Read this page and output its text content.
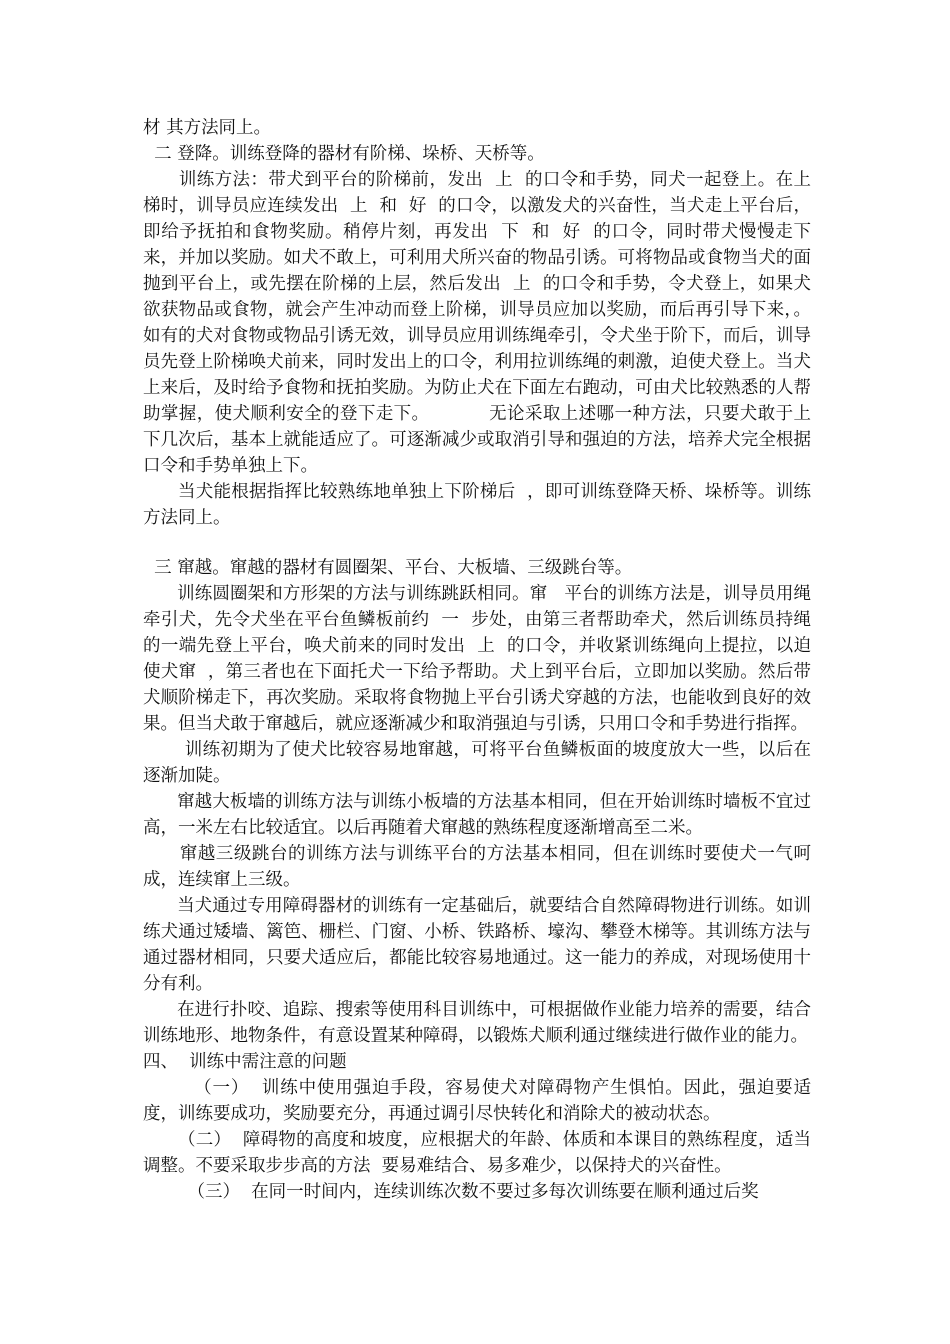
材 其方法同上。

二 登降。训练登降的器材有阶梯、垛桥、天桥等。

训练方法：带犬到平台的阶梯前，发出  上  的口令和手势，同犬一起登上。在上梯时，训导员应连续发出  上  和  好  的口令，以激发犬的兴奋性，当犬走上平台后，即给予抚拍和食物奖励。稍停片刻，再发出  下  和  好  的口令，同时带犬慢慢走下来，并加以奖励。如犬不敢上，可利用犬所兴奋的物品引诱。可将物品或食物当犬的面抛到平台上，或先摆在阶梯的上层，然后发出  上  的口令和手势，令犬登上，如果犬欲获物品或食物，就会产生冲动而登上阶梯，训导员应加以奖励，而后再引导下来，。如有的犬对食物或物品引诱无效，训导员应用训练绳牵引，令犬坐于阶下，而后，训导员先登上阶梯唤犬前来，同时发出上的口令，利用拉训练绳的刺激，迫使犬登上。当犬上来后，及时给予食物和抚拍奖励。为防止犬在下面左右跑动，可由犬比较熟悉的人帮助掌握，使犬顺利安全的登下走下。          无论采取上述哪一种方法，只要犬敢于上下几次后，基本上就能适应了。可逐渐减少或取消引导和强迫的方法，培养犬完全根据口令和手势单独上下。

当犬能根据指挥比较熟练地单独上下阶梯后  ，即可训练登降天桥、垛桥等。训练方法同上。

三 窜越。窜越的器材有圆圈架、平台、大板墙、三级跳台等。

训练圆圈架和方形架的方法与训练跳跃相同。窜   平台的训练方法是，训导员用绳牵引犬，先令犬坐在平台鱼鳞板前约  一  步处，由第三者帮助牵犬，然后训练员持绳的一端先登上平台，唤犬前来的同时发出  上  的口令，并收紧训练绳向上提拉，以迫使犬窜  ，第三者也在下面托犬一下给予帮助。犬上到平台后，立即加以奖励。然后带犬顺阶梯走下，再次奖励。采取将食物抛上平台引诱犬穿越的方法，也能收到良好的效果。但当犬敢于窜越后，就应逐渐减少和取消强迫与引诱，只用口令和手势进行指挥。

训练初期为了使犬比较容易地窜越，可将平台鱼鳞板面的坡度放大一些，以后在逐渐加陡。

窜越大板墙的训练方法与训练小板墙的方法基本相同，但在开始训练时墙板不宜过高，一米左右比较适宜。以后再随着犬窜越的熟练程度逐渐增高至二米。

窜越三级跳台的训练方法与训练平台的方法基本相同，但在训练时要使犬一气呵成，连续窜上三级。

当犬通过专用障碍器材的训练有一定基础后，就要结合自然障碍物进行训练。如训练犬通过矮墙、篱笆、栅栏、门窗、小桥、铁路桥、壕沟、攀登木梯等。其训练方法与通过器材相同，只要犬适应后，都能比较容易地通过。这一能力的养成，对现场使用十分有利。

在进行扑咬、追踪、搜索等使用科目训练中，可根据做作业能力培养的需要，结合训练地形、地物条件，有意设置某种障碍，以锻炼犬顺利通过继续进行做作业的能力。

四、  训练中需注意的问题

（一）  训练中使用强迫手段，容易使犬对障碍物产生惧怕。因此，强迫要适度，训练要成功，奖励要充分，再通过调引尽快转化和消除犬的被动状态。

（二）  障碍物的高度和坡度，应根据犬的年龄、体质和本课目的熟练程度，适当调整。不要采取步步高的方法  要易难结合、易多难少，以保持犬的兴奋性。

（三）  在同一时间内，连续训练次数不要过多每次训练要在顺利通过后奖
